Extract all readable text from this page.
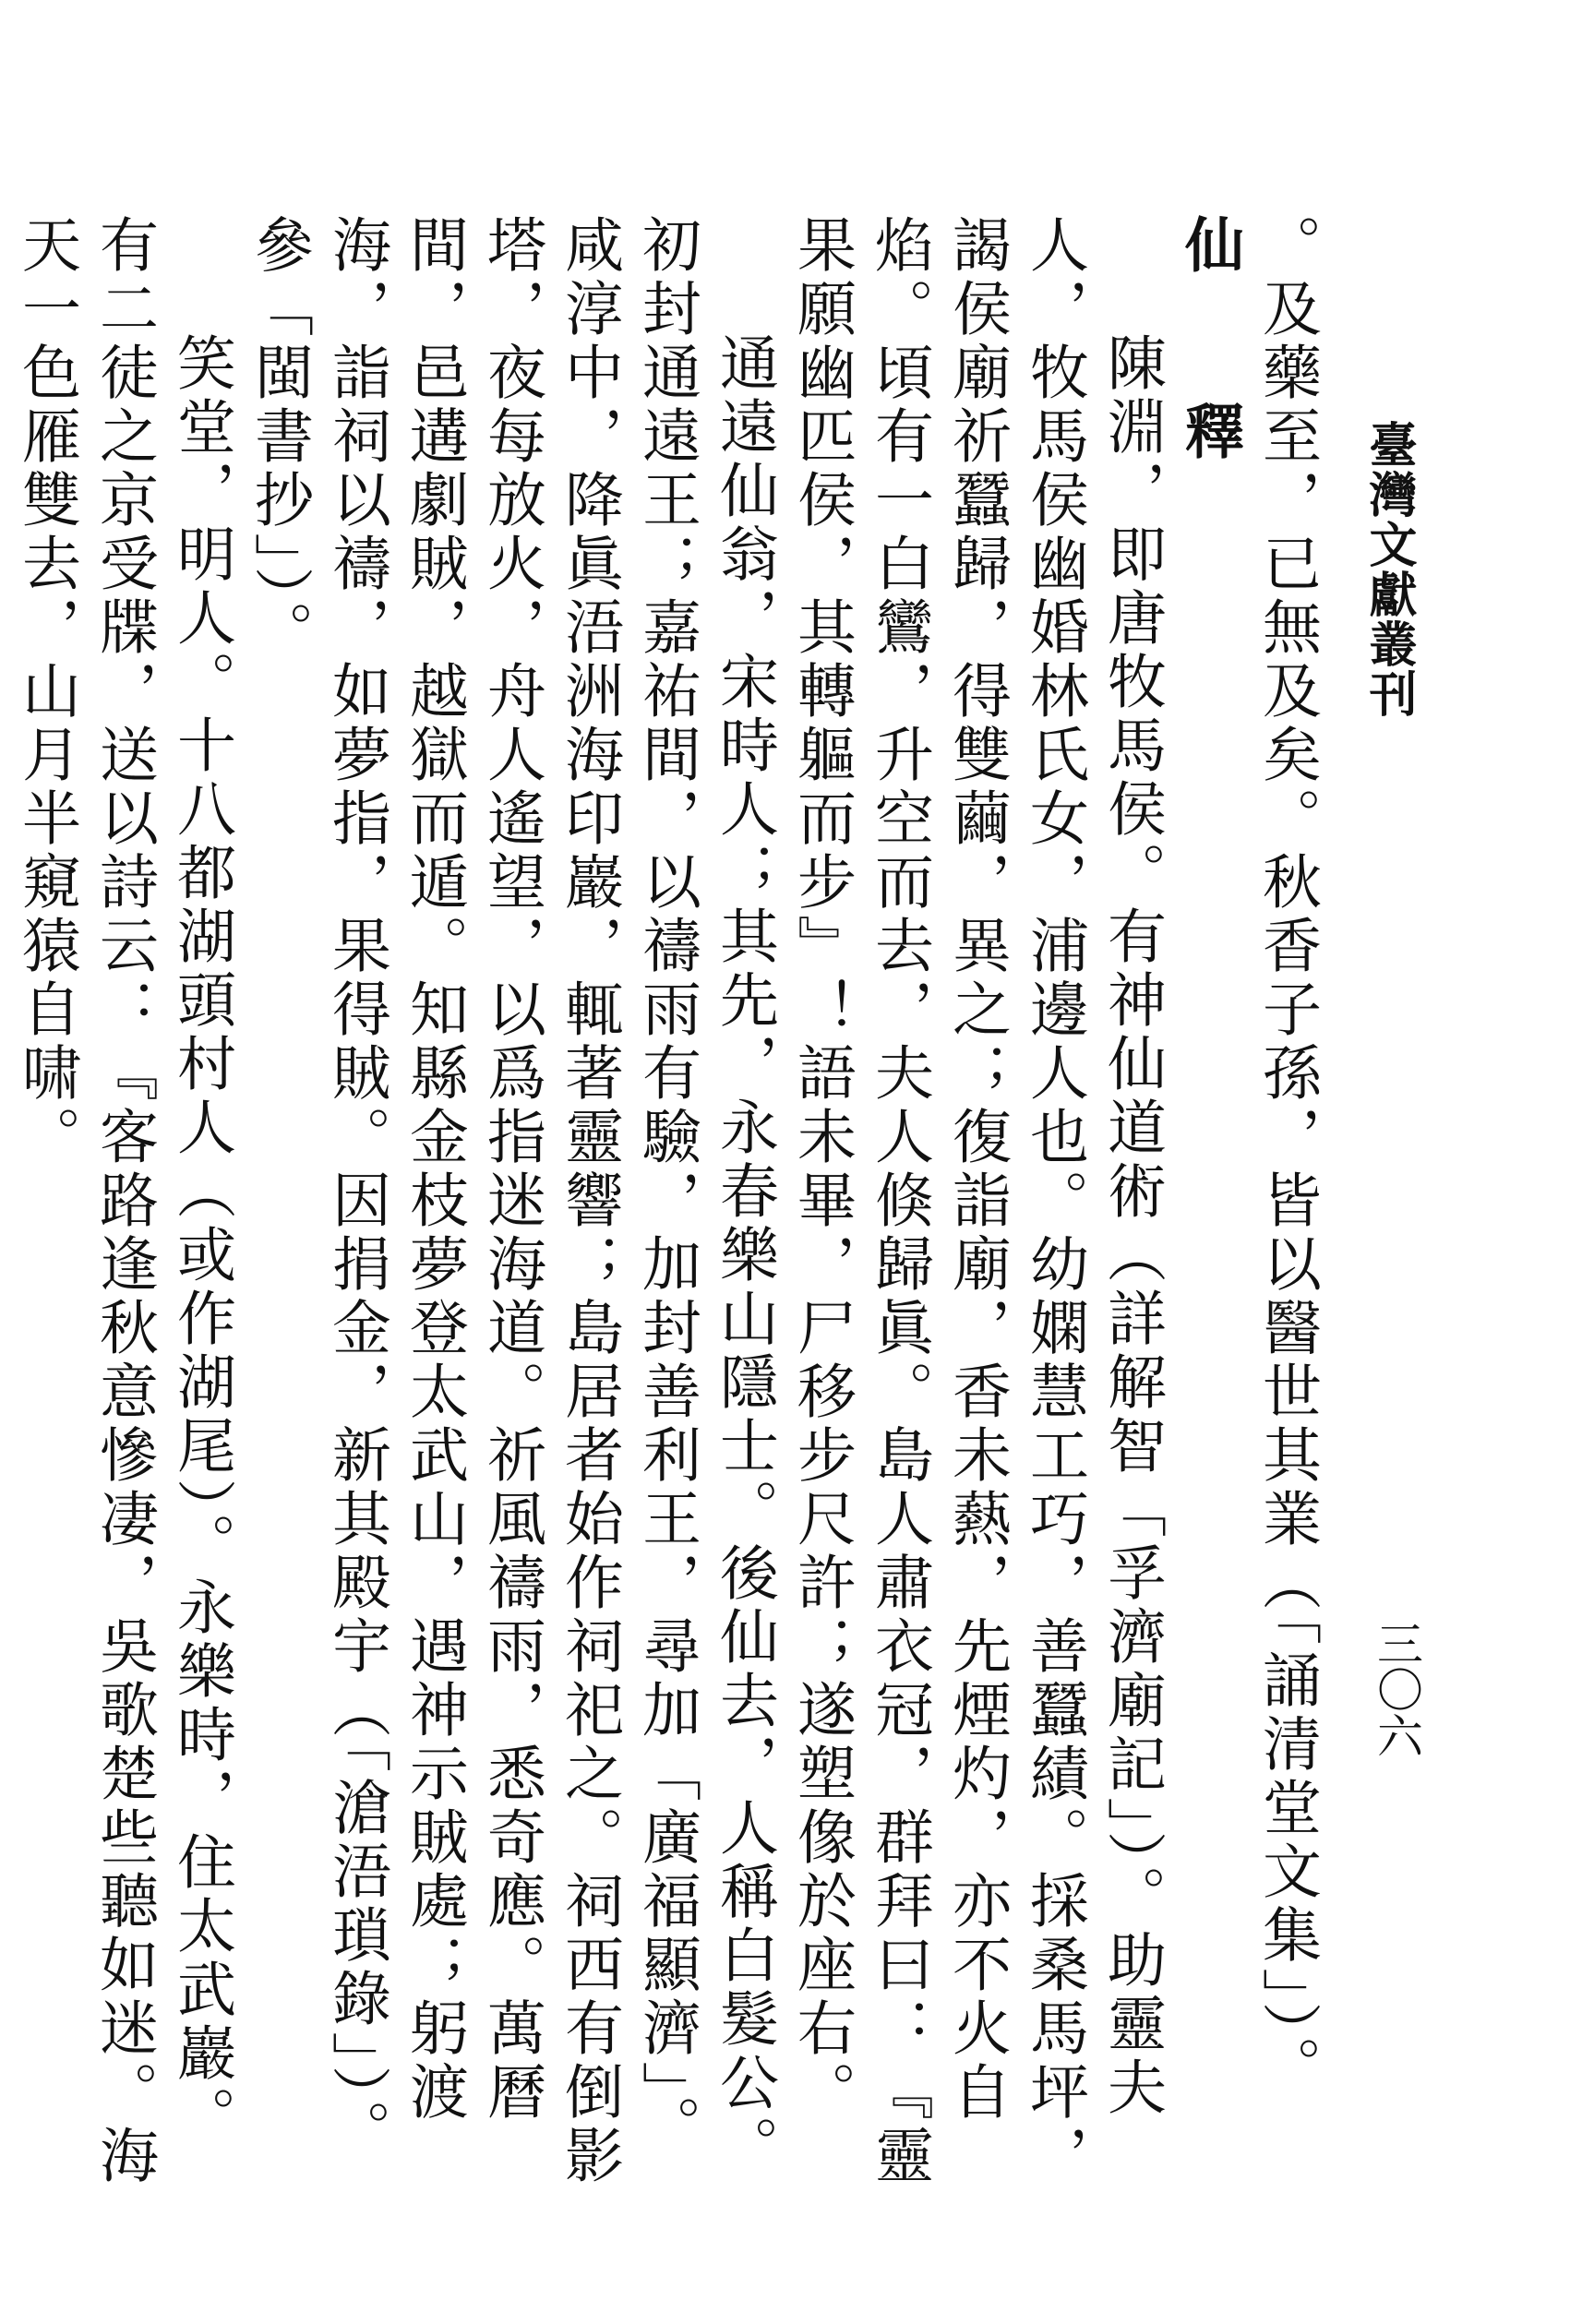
臺灣文獻叢刊
三〇六

。及藥至，已無及矣。秋香子孫，皆以醫世其業（「誦清堂文集」）。

仙 釋

陳淵，即唐牧馬侯。有神仙道術（詳解智「孚濟廟記」）。助靈夫人，牧馬侯幽婚林氏女，浦邊人也。幼嫻慧工巧，善蠶績。採桑馬坪，謁侯廟祈蠶歸，得雙繭，異之；復詣廟，香未爇，先煙灼，亦不火自焰。頃有一白鸞，升空而去，夫人倏歸眞。島人肅衣冠，群拜曰：『靈果願幽匹侯，其轉軀而步』！語未畢，尸移步尺許；遂塑像於座右。

通遠仙翁，宋時人；其先，永春樂山隱士。後仙去，人稱白髮公。初封通遠王；嘉祐間，以禱雨有驗，加封善利王，尋加「廣福顯濟」。咸淳中，降眞浯洲海印巖，輒著靈響；島居者始作祠祀之。祠西有倒影塔，夜每放火，舟人遙望，以爲指迷海道。祈風禱雨，悉奇應。萬曆間，邑遘劇賊，越獄而遁。知縣金枝夢登太武山，遇神示賊處；躬渡海，詣祠以禱，如夢指，果得賊。因捐金，新其殿宇（「滄浯瑣錄」）。參「閩書抄」）。

笑堂，明人。十八都湖頭村人（或作湖尾）。永樂時，住太武巖。有二徒之京受牒，送以詩云：『客路逢秋意慘凄，吳歌楚些聽如迷。海天一色雁雙去，山月半窺猿自啸。
